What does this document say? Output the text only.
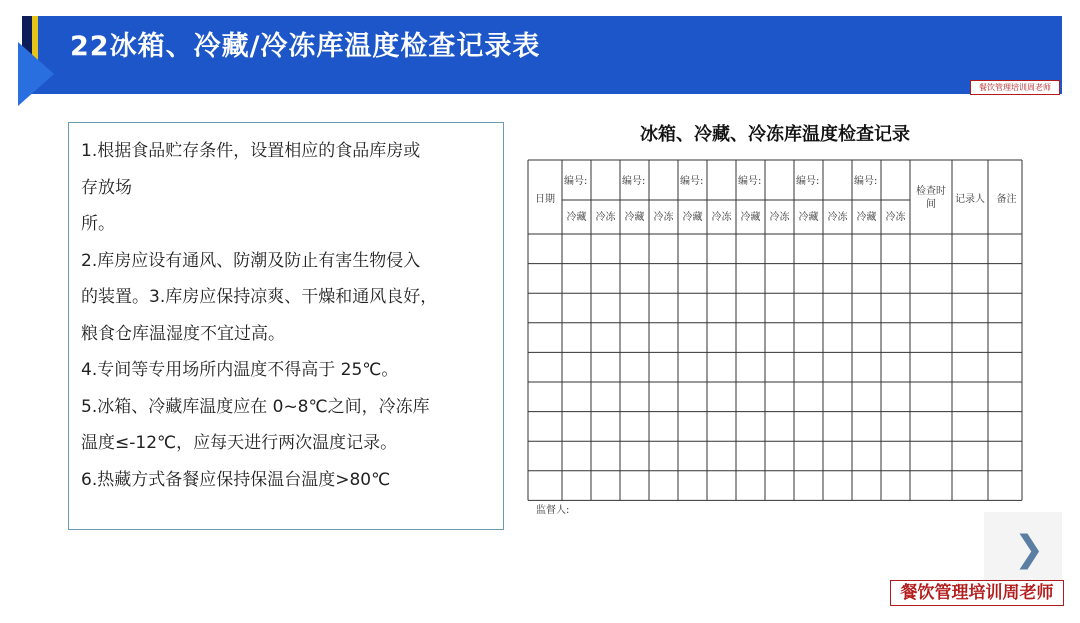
22冰箱、冷藏/冷冻库温度检查记录表
餐饮管理培训周老师
1.根据食品贮存条件，设置相应的食品库房或
存放场
所。
2.库房应设有通风、防潮及防止有害生物侵入
的装置。3.库房应保持凉爽、干燥和通风良好，
粮食仓库温湿度不宜过高。
4.专间等专用场所内温度不得高于 25℃。
5.冰箱、冷藏库温度应在 0~8℃之间，冷冻库
温度≤-12℃，应每天进行两次温度记录。
6.热藏方式备餐应保持保温台温度>80℃
冰箱、冷藏、冷冻库温度检查记录
日期
编号:
冷藏 冷冻
编号:
冷藏 冷冻
编号:
冷藏 冷冻
编号:
冷藏 冷冻
编号:
冷藏 冷冻
编号:
冷藏 冷冻
检查时
间 记录人 备注
监督人:
❯
餐饮管理培训周老师
